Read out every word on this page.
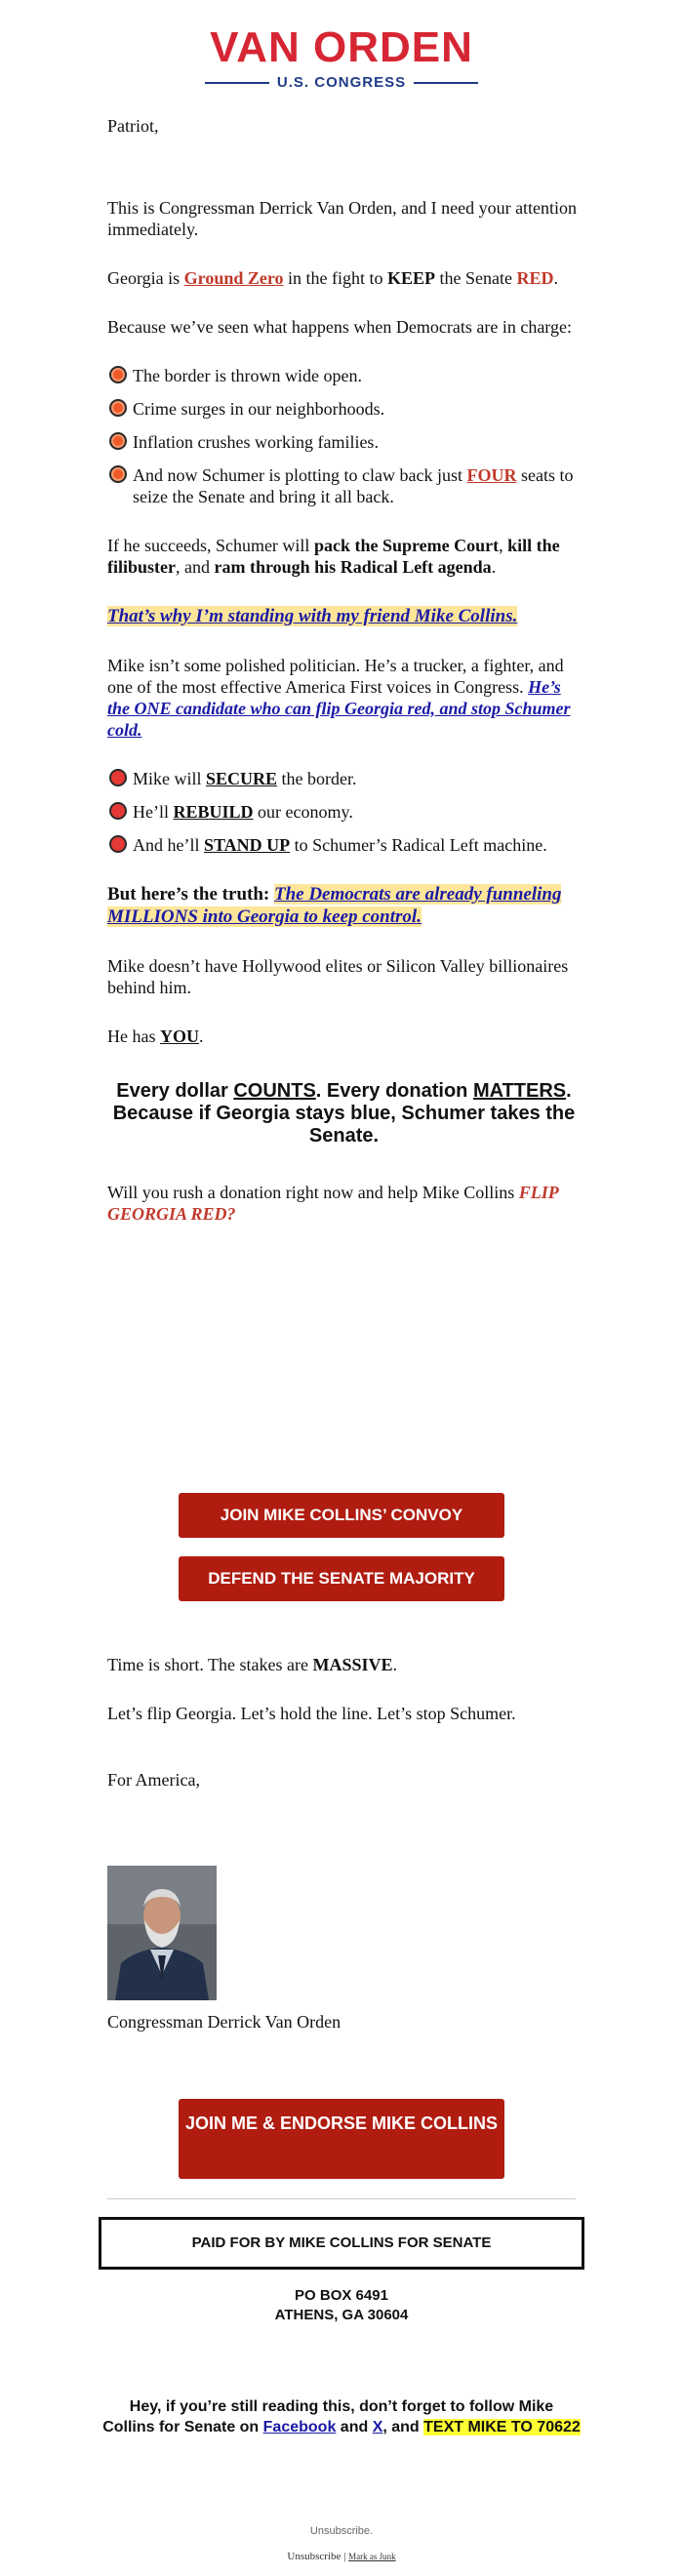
VAN ORDEN
U.S. CONGRESS

Patriot,

This is Congressman Derrick Van Orden, and I need your attention immediately.

Georgia is Ground Zero in the fight to KEEP the Senate RED.

Because we’ve seen what happens when Democrats are in charge:

The border is thrown wide open.
Crime surges in our neighborhoods.
Inflation crushes working families.
And now Schumer is plotting to claw back just FOUR seats to seize the Senate and bring it all back.

If he succeeds, Schumer will pack the Supreme Court, kill the filibuster, and ram through his Radical Left agenda.

That’s why I’m standing with my friend Mike Collins.

Mike isn’t some polished politician. He’s a trucker, a fighter, and one of the most effective America First voices in Congress. He’s the ONE candidate who can flip Georgia red, and stop Schumer cold.

Mike will SECURE the border.
He’ll REBUILD our economy.
And he’ll STAND UP to Schumer’s Radical Left machine.

But here’s the truth: The Democrats are already funneling MILLIONS into Georgia to keep control.

Mike doesn’t have Hollywood elites or Silicon Valley billionaires behind him.

He has YOU.

Every dollar COUNTS. Every donation MATTERS. Because if Georgia stays blue, Schumer takes the Senate.

Will you rush a donation right now and help Mike Collins FLIP GEORGIA RED?

JOIN MIKE COLLINS’ CONVOY
DEFEND THE SENATE MAJORITY

Time is short. The stakes are MASSIVE.

Let’s flip Georgia. Let’s hold the line. Let’s stop Schumer.

For America,

Congressman Derrick Van Orden
JOIN ME & ENDORSE MIKE COLLINS
PAID FOR BY MIKE COLLINS FOR SENATE
PO BOX 6491
ATHENS, GA 30604
Hey, if you’re still reading this, don’t forget to follow Mike Collins for Senate on Facebook and X, and TEXT MIKE TO 70622
Unsubscribe.
Unsubscribe | Mark as Junk
